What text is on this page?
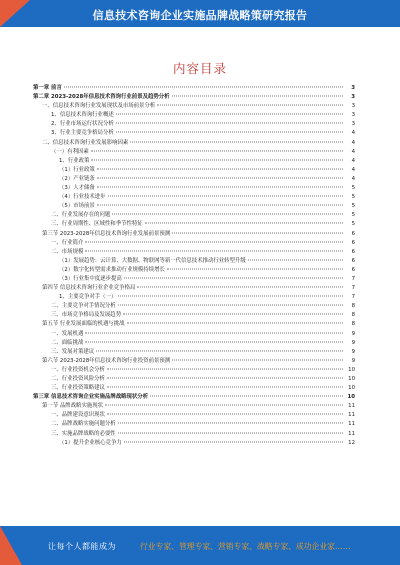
信息技术咨询企业实施品牌战略策研究报告
内容目录
第一章 前言	3
第二章 2023-2028年信息技术咨询行业前景及趋势分析	3
一、信息技术咨询行业发展现状及市场前景分析	3
1、信息技术咨询行业概述	3
2、行业市场运行状况分析	3
3、行业主要竞争格局分析	4
二、信息技术咨询行业发展影响因素	4
（一）有利因素	4
1、行业政策	4
（1）行业政策	4
（2）产业链条	4
（3）人才储备	5
（4）行业技术进步	5
（5）市场前景	5
二、行业发展存在的问题	5
三、行业周期性、区域性和季节性特征	5
第三节 2023-2028年信息技术咨询行业发展前景预测	6
一、行业简介	6
二、市场规模	6
（1）发展趋势：云计算、大数据、物联网等新一代信息技术推动行业转型升级	6
（2）数字化转型需求推动行业规模持续增长	6
（3）行业集中度逐步提高	7
第四节 信息技术咨询行业企业竞争格局	7
1、主要竞争对手（一）	7
二、主要竞争对手情况分析	8
三、市场竞争格局及发展趋势	8
第五节 行业发展面临的机遇与挑战	8
一、发展机遇	9
二、面临挑战	9
三、发展对策建议	9
第六节 2023-2028年信息技术咨询行业投资前景预测	9
一、行业投资机会分析	10
二、行业投资风险分析	10
三、行业投资策略建议	10
第三章 信息技术咨询企业实施品牌战略现状分析	10
第一节 品牌战略实施现状	11
一、品牌建设意识现状	11
二、品牌战略实施问题分析	11
三、实施品牌战略的必要性	11
（1）提升企业核心竞争力	12
让每个人都能成为	行业专家、管理专家、营销专家、战略专家、成功企业家……
